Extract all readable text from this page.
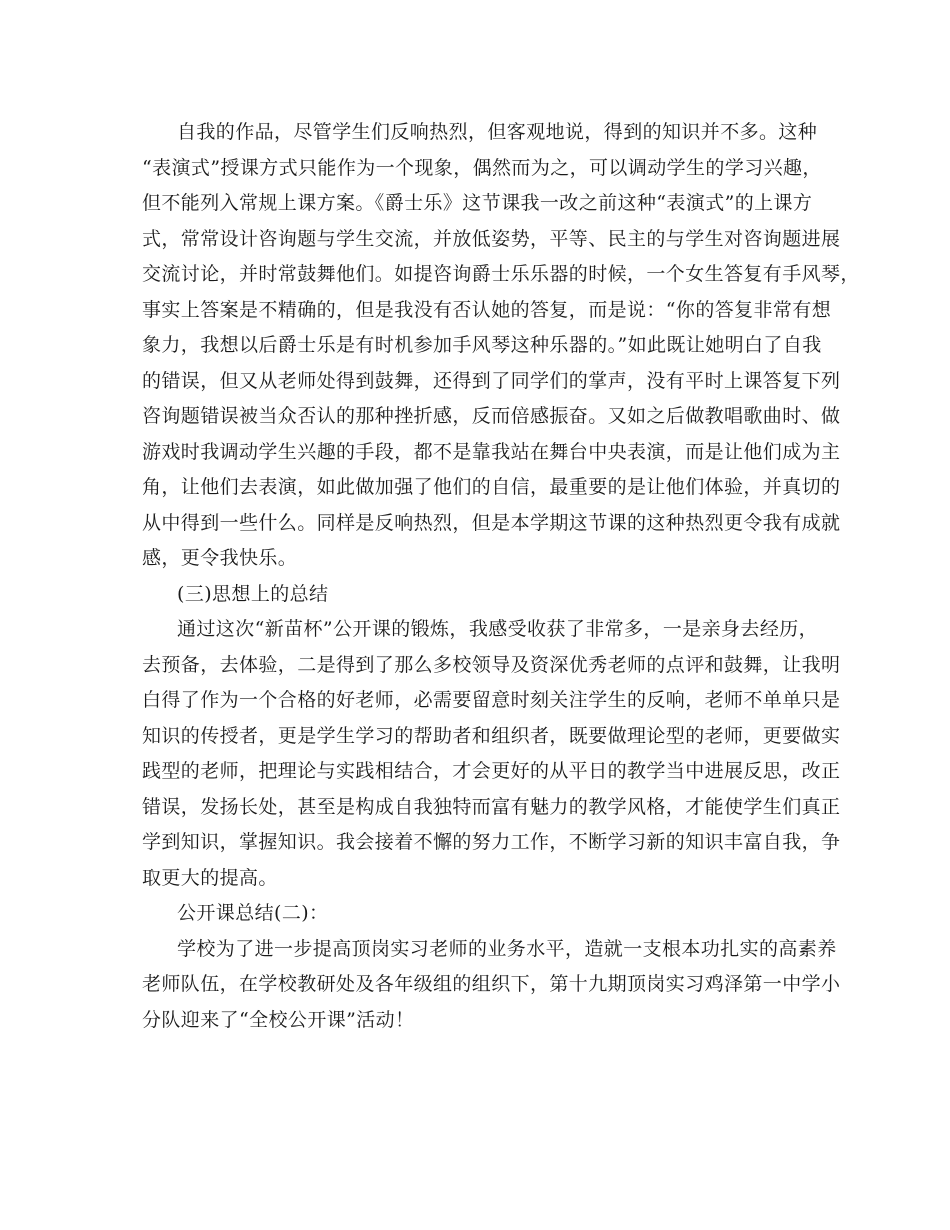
自我的作品，尽管学生们反响热烈，但客观地说，得到的知识并不多。这种
“表演式”授课方式只能作为一个现象，偶然而为之，可以调动学生的学习兴趣，
但不能列入常规上课方案。《爵士乐》这节课我一改之前这种“表演式”的上课方
式，常常设计咨询题与学生交流，并放低姿势，平等、民主的与学生对咨询题进展
交流讨论，并时常鼓舞他们。如提咨询爵士乐乐器的时候，一个女生答复有手风琴，
事实上答案是不精确的，但是我没有否认她的答复，而是说：“你的答复非常有想
象力，我想以后爵士乐是有时机参加手风琴这种乐器的。”如此既让她明白了自我
的错误，但又从老师处得到鼓舞，还得到了同学们的掌声，没有平时上课答复下列
咨询题错误被当众否认的那种挫折感，反而倍感振奋。又如之后做教唱歌曲时、做
游戏时我调动学生兴趣的手段，都不是靠我站在舞台中央表演，而是让他们成为主
角，让他们去表演，如此做加强了他们的自信，最重要的是让他们体验，并真切的
从中得到一些什么。同样是反响热烈，但是本学期这节课的这种热烈更令我有成就
感，更令我快乐。
(三)思想上的总结
通过这次“新苗杯”公开课的锻炼，我感受收获了非常多，一是亲身去经历，
去预备，去体验，二是得到了那么多校领导及资深优秀老师的点评和鼓舞，让我明
白得了作为一个合格的好老师，必需要留意时刻关注学生的反响，老师不单单只是
知识的传授者，更是学生学习的帮助者和组织者，既要做理论型的老师，更要做实
践型的老师，把理论与实践相结合，才会更好的从平日的教学当中进展反思，改正
错误，发扬长处，甚至是构成自我独特而富有魅力的教学风格，才能使学生们真正
学到知识，掌握知识。我会接着不懈的努力工作，不断学习新的知识丰富自我，争
取更大的提高。
公开课总结(二)：
学校为了进一步提高顶岗实习老师的业务水平，造就一支根本功扎实的高素养
老师队伍，在学校教研处及各年级组的组织下，第十九期顶岗实习鸡泽第一中学小
分队迎来了“全校公开课”活动！
